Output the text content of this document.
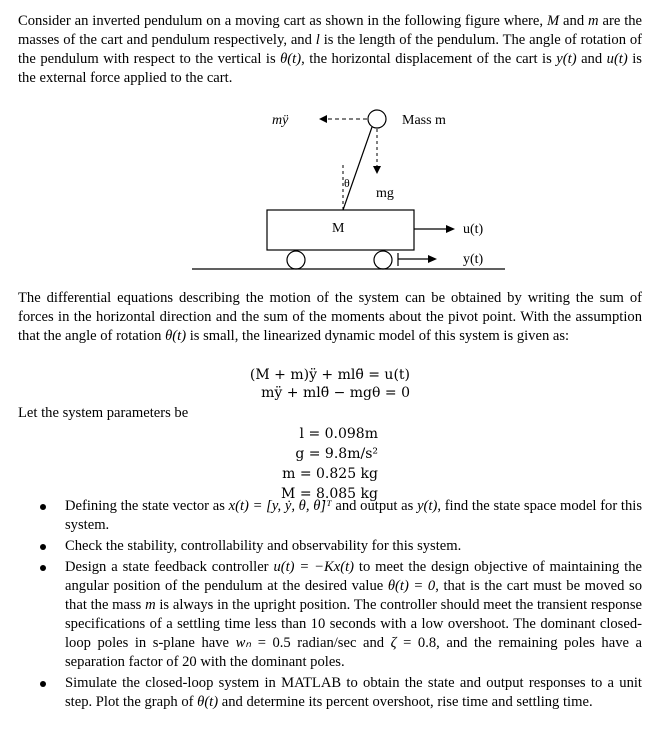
Consider an inverted pendulum on a moving cart as shown in the following figure where, M and m are the masses of the cart and pendulum respectively, and l is the length of the pendulum. The angle of rotation of the pendulum with respect to the vertical is θ(t), the horizontal displacement of the cart is y(t) and u(t) is the external force applied to the cart.

mÿ	Mass m
θ
mg
M	u(t)
y(t)

The differential equations describing the motion of the system can be obtained by writing the sum of forces in the horizontal direction and the sum of the moments about the pivot point. With the assumption that the angle of rotation θ(t) is small, the linearized dynamic model of this system is given as:

(M + m)ÿ + mlθ̈ = u(t)
mÿ + mlθ̈ − mgθ = 0

Let the system parameters be

l = 0.098m
g = 9.8m/s²
m = 0.825 kg
M = 8.085 kg
Defining the state vector as x(t) = [y, ẏ, θ, θ̇]ᵀ and output as y(t), find the state space model for this system.
Check the stability, controllability and observability for this system.
Design a state feedback controller u(t) = −Kx(t) to meet the design objective of maintaining the angular position of the pendulum at the desired value θ(t) = 0, that is the cart must be moved so that the mass m is always in the upright position. The controller should meet the transient response specifications of a settling time less than 10 seconds with a low overshoot. The dominant closed-loop poles in s-plane have wₙ = 0.5 radian/sec and ζ = 0.8, and the remaining poles have a separation factor of 20 with the dominant poles.
Simulate the closed-loop system in MATLAB to obtain the state and output responses to a unit step. Plot the graph of θ(t) and determine its percent overshoot, rise time and settling time.
